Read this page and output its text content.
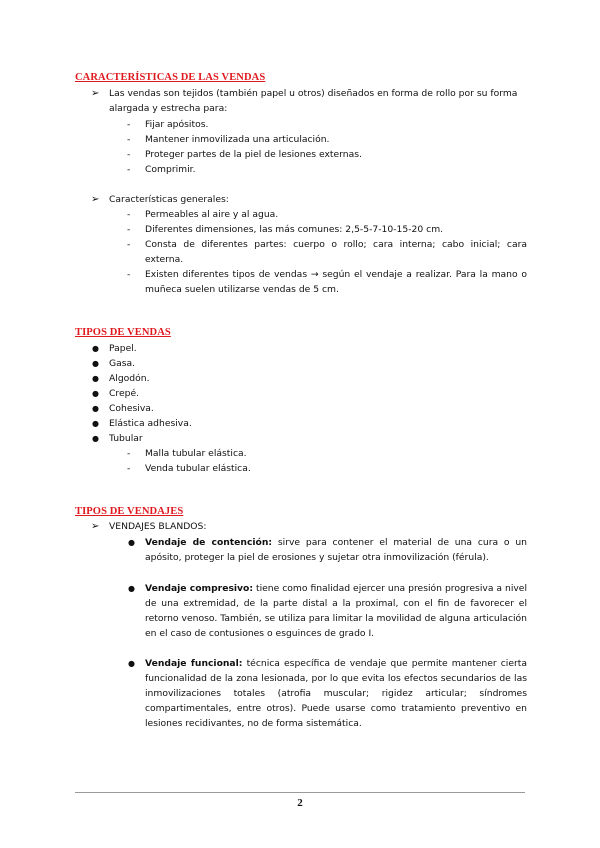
CARACTERÍSTICAS DE LAS VENDAS
➢ Las vendas son tejidos (también papel u otros) diseñados en forma de rollo por su forma
alargada y estrecha para:
- Fijar apósitos.
- Mantener inmovilizada una articulación.
- Proteger partes de la piel de lesiones externas.
- Comprimir.
➢ Características generales:
- Permeables al aire y al agua.
- Diferentes dimensiones, las más comunes: 2,5-5-7-10-15-20 cm.
- Consta de diferentes partes: cuerpo o rollo; cara interna; cabo inicial; cara externa.
- Existen diferentes tipos de vendas → según el vendaje a realizar. Para la mano o muñeca suelen utilizarse vendas de 5 cm.
TIPOS DE VENDAS
● Papel.
● Gasa.
● Algodón.
● Crepé.
● Cohesiva.
● Elástica adhesiva.
● Tubular
- Malla tubular elástica.
- Venda tubular elástica.
TIPOS DE VENDAJES
➢ VENDAJES BLANDOS:
● Vendaje de contención: sirve para contener el material de una cura o un apósito, proteger la piel de erosiones y sujetar otra inmovilización (férula).
● Vendaje compresivo: tiene como finalidad ejercer una presión progresiva a nivel de una extremidad, de la parte distal a la proximal, con el fin de favorecer el retorno venoso. También, se utiliza para limitar la movilidad de alguna articulación en el caso de contusiones o esguinces de grado I.
● Vendaje funcional: técnica específica de vendaje que permite mantener cierta funcionalidad de la zona lesionada, por lo que evita los efectos secundarios de las inmovilizaciones totales (atrofia muscular; rigidez articular; síndromes compartimentales, entre otros). Puede usarse como tratamiento preventivo en lesiones recidivantes, no de forma sistemática.
2
